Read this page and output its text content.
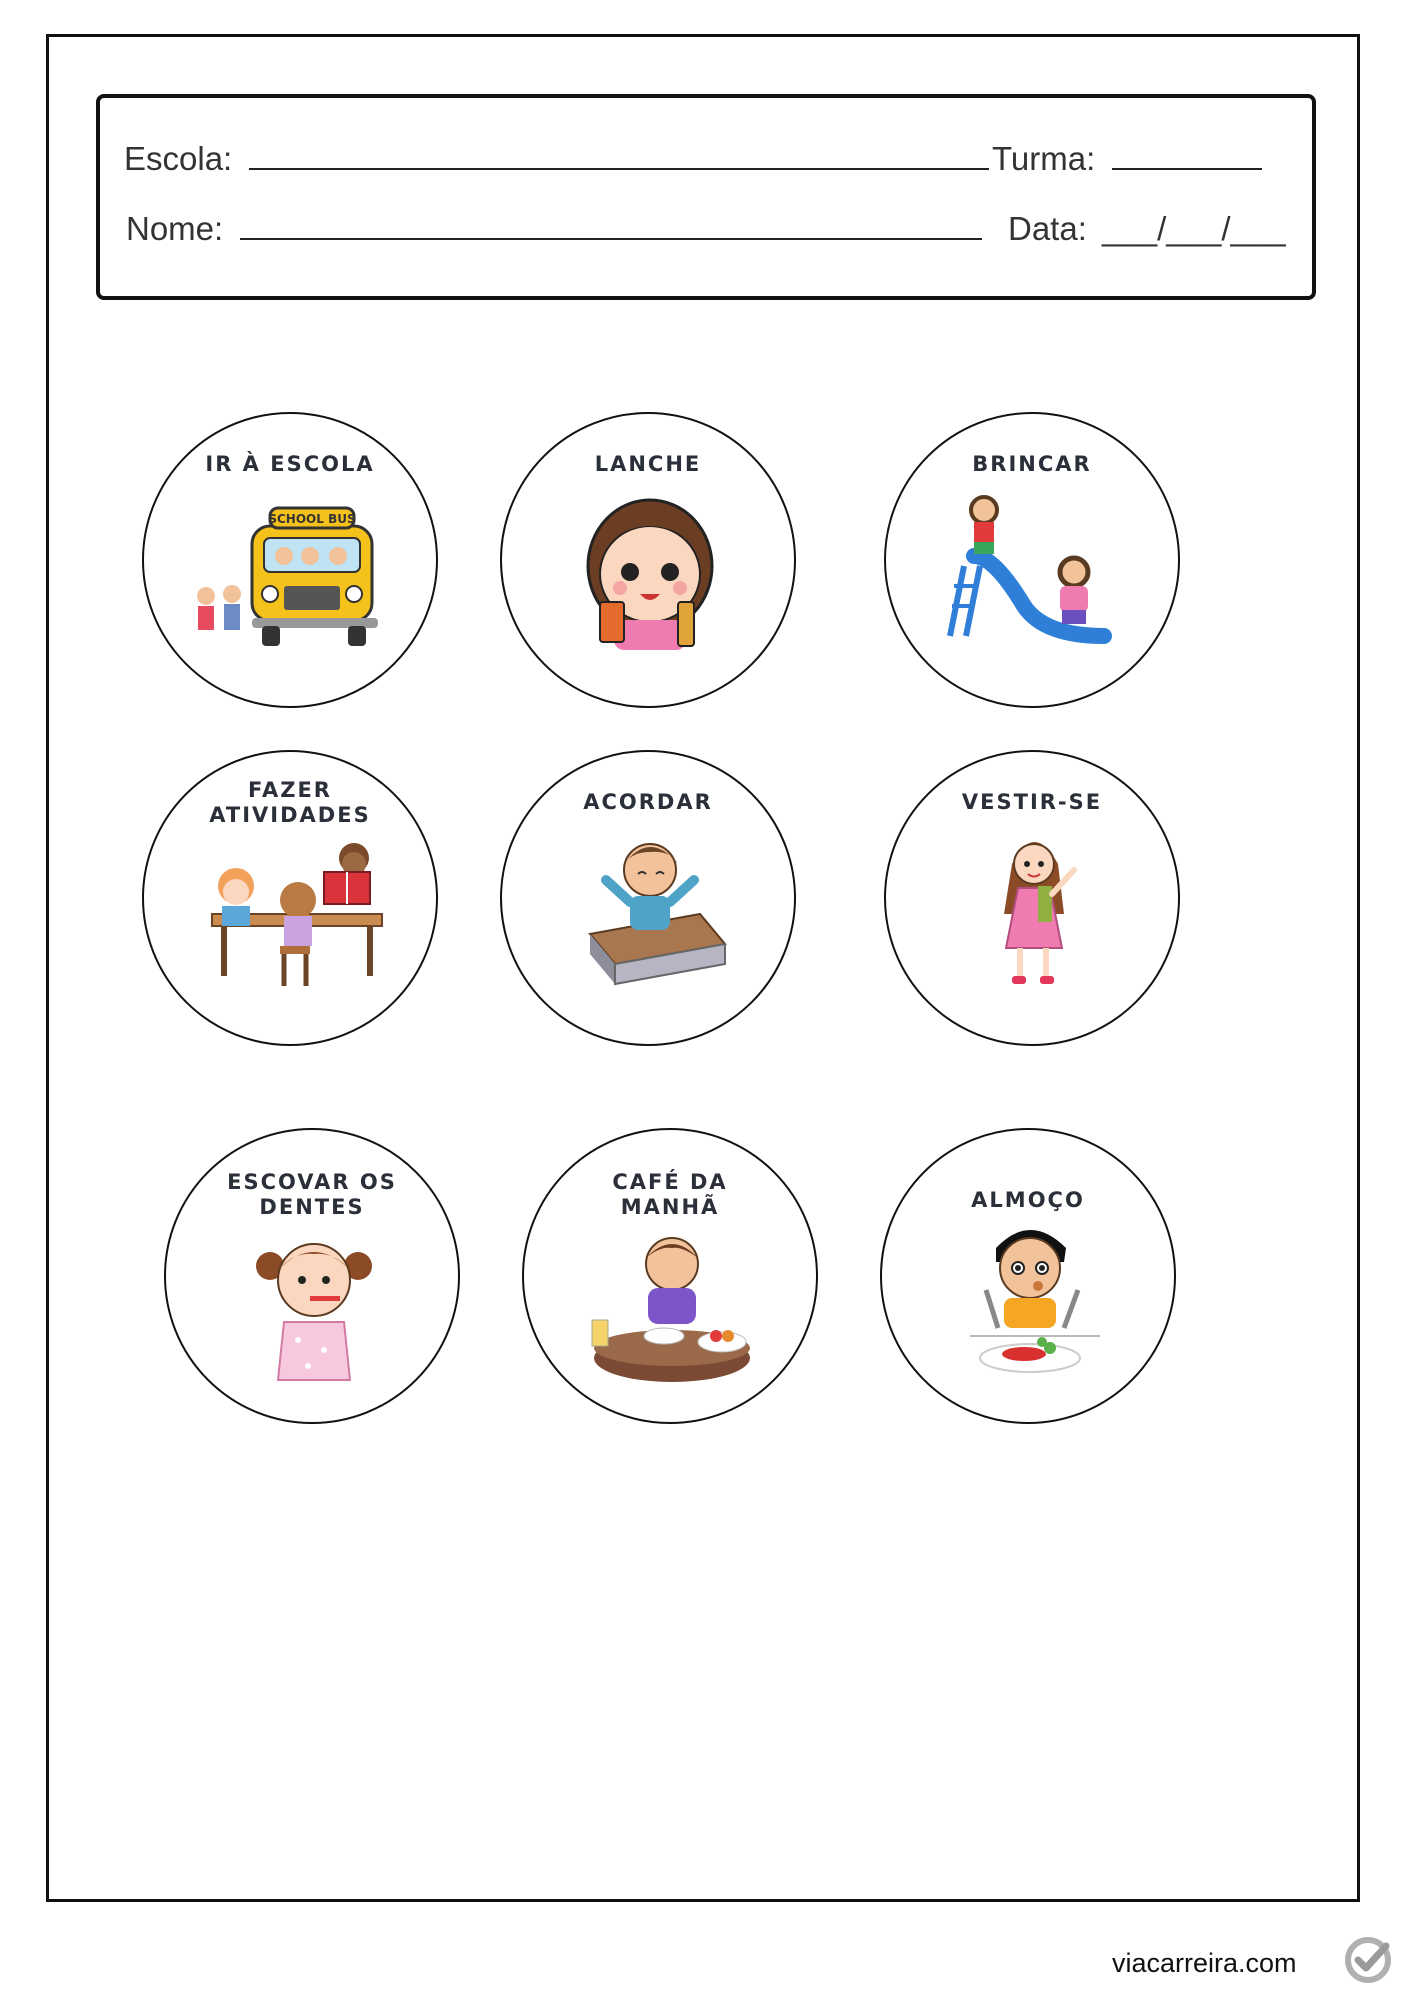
Escola:	Turma:
Nome:	Data: ___/___/___
IR À ESCOLA
SCHOOL BUS
LANCHE	BRINCAR
FAZER
ATIVIDADES
ACORDAR	VESTIR-SE
ESCOVAR OS
DENTES
CAFÉ DA
MANHÃ	ALMOÇO
viacarreira.com
